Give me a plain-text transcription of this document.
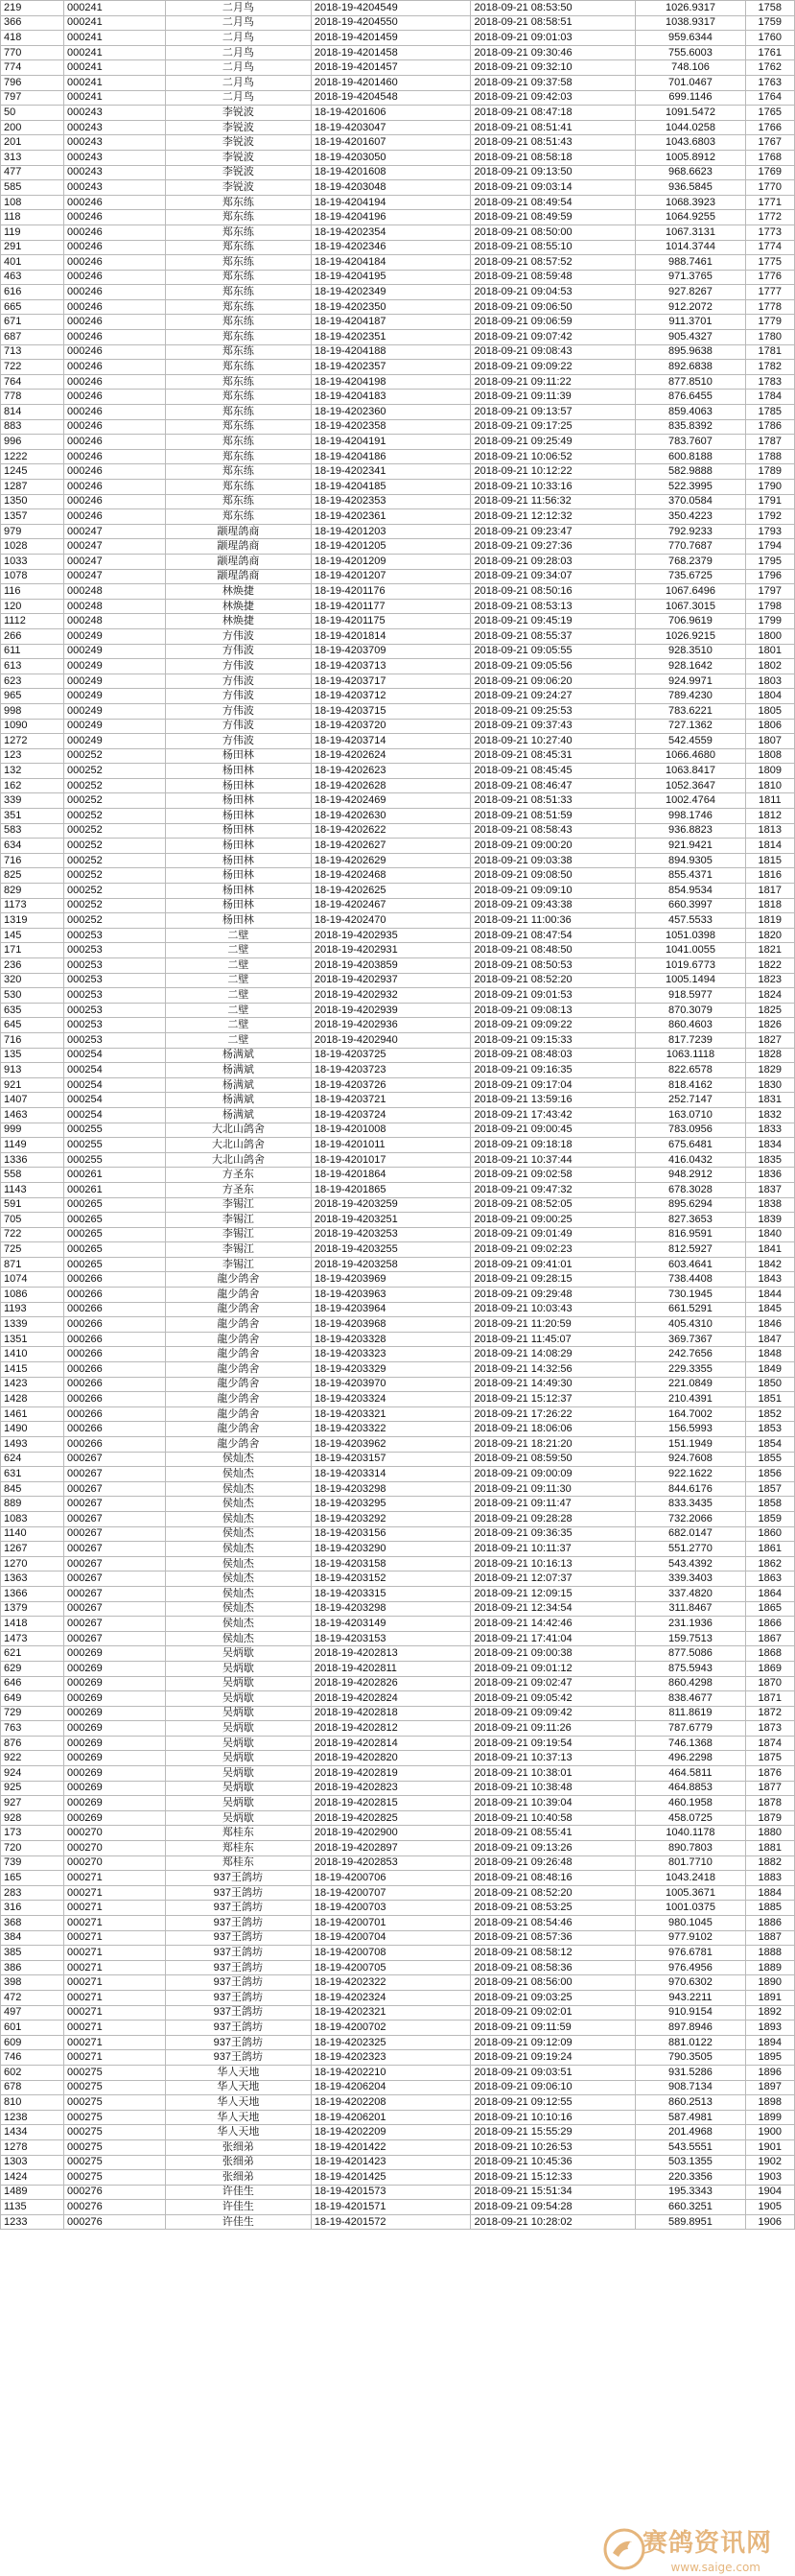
219	000241	二月鸟	2018-19-4204549	2018-09-21 08:53:50	1026.9317	1758
366	000241	二月鸟	2018-19-4204550	2018-09-21 08:58:51	1038.9317	1759
418	000241	二月鸟	2018-19-4201459	2018-09-21 09:01:03	959.6344	1760
770	000241	二月鸟	2018-19-4201458	2018-09-21 09:30:46	755.6003	1761
774	000241	二月鸟	2018-19-4201457	2018-09-21 09:32:10	748.106	1762
796	000241	二月鸟	2018-19-4201460	2018-09-21 09:37:58	701.0467	1763
797	000241	二月鸟	2018-19-4204548	2018-09-21 09:42:03	699.1146	1764
50	000243	李锐波	18-19-4201606	2018-09-21 08:47:18	1091.5472	1765
200	000243	李锐波	18-19-4203047	2018-09-21 08:51:41	1044.0258	1766
201	000243	李锐波	18-19-4201607	2018-09-21 08:51:43	1043.6803	1767
313	000243	李锐波	18-19-4203050	2018-09-21 08:58:18	1005.8912	1768
477	000243	李锐波	18-19-4201608	2018-09-21 09:13:50	968.6623	1769
585	000243	李锐波	18-19-4203048	2018-09-21 09:03:14	936.5845	1770
108	000246	郑东练	18-19-4204194	2018-09-21 08:49:54	1068.3923	1771
118	000246	郑东练	18-19-4204196	2018-09-21 08:49:59	1064.9255	1772
119	000246	郑东练	18-19-4202354	2018-09-21 08:50:00	1067.3131	1773
291	000246	郑东练	18-19-4202346	2018-09-21 08:55:10	1014.3744	1774
401	000246	郑东练	18-19-4204184	2018-09-21 08:57:52	988.7461	1775
463	000246	郑东练	18-19-4204195	2018-09-21 08:59:48	971.3765	1776
616	000246	郑东练	18-19-4202349	2018-09-21 09:04:53	927.8267	1777
665	000246	郑东练	18-19-4202350	2018-09-21 09:06:50	912.2072	1778
671	000246	郑东练	18-19-4204187	2018-09-21 09:06:59	911.3701	1779
687	000246	郑东练	18-19-4202351	2018-09-21 09:07:42	905.4327	1780
713	000246	郑东练	18-19-4204188	2018-09-21 09:08:43	895.9638	1781
722	000246	郑东练	18-19-4202357	2018-09-21 09:09:22	892.6838	1782
764	000246	郑东练	18-19-4204198	2018-09-21 09:11:22	877.8510	1783
778	000246	郑东练	18-19-4204183	2018-09-21 09:11:39	876.6455	1784
814	000246	郑东练	18-19-4202360	2018-09-21 09:13:57	859.4063	1785
883	000246	郑东练	18-19-4202358	2018-09-21 09:17:25	835.8392	1786
996	000246	郑东练	18-19-4204191	2018-09-21 09:25:49	783.7607	1787
1222	000246	郑东练	18-19-4204186	2018-09-21 10:06:52	600.8188	1788
1245	000246	郑东练	18-19-4202341	2018-09-21 10:12:22	582.9888	1789
1287	000246	郑东练	18-19-4204185	2018-09-21 10:33:16	522.3995	1790
1350	000246	郑东练	18-19-4202353	2018-09-21 11:56:32	370.0584	1791
1357	000246	郑东练	18-19-4202361	2018-09-21 12:12:32	350.4223	1792
979	000247	颛瑆鸽商	18-19-4201203	2018-09-21 09:23:47	792.9233	1793
1028	000247	颛瑆鸽商	18-19-4201205	2018-09-21 09:27:36	770.7687	1794
1033	000247	颛瑆鸽商	18-19-4201209	2018-09-21 09:28:03	768.2379	1795
1078	000247	颛瑆鸽商	18-19-4201207	2018-09-21 09:34:07	735.6725	1796
116	000248	林焕捷	18-19-4201176	2018-09-21 08:50:16	1067.6496	1797
120	000248	林焕捷	18-19-4201177	2018-09-21 08:53:13	1067.3015	1798
1112	000248	林焕捷	18-19-4201175	2018-09-21 09:45:19	706.9619	1799
266	000249	方伟波	18-19-4201814	2018-09-21 08:55:37	1026.9215	1800
611	000249	方伟波	18-19-4203709	2018-09-21 09:05:55	928.3510	1801
613	000249	方伟波	18-19-4203713	2018-09-21 09:05:56	928.1642	1802
623	000249	方伟波	18-19-4203717	2018-09-21 09:06:20	924.9971	1803
965	000249	方伟波	18-19-4203712	2018-09-21 09:24:27	789.4230	1804
998	000249	方伟波	18-19-4203715	2018-09-21 09:25:53	783.6221	1805
1090	000249	方伟波	18-19-4203720	2018-09-21 09:37:43	727.1362	1806
1272	000249	方伟波	18-19-4203714	2018-09-21 10:27:40	542.4559	1807
123	000252	杨田林	18-19-4202624	2018-09-21 08:45:31	1066.4680	1808
132	000252	杨田林	18-19-4202623	2018-09-21 08:45:45	1063.8417	1809
162	000252	杨田林	18-19-4202628	2018-09-21 08:46:47	1052.3647	1810
339	000252	杨田林	18-19-4202469	2018-09-21 08:51:33	1002.4764	1811
351	000252	杨田林	18-19-4202630	2018-09-21 08:51:59	998.1746	1812
583	000252	杨田林	18-19-4202622	2018-09-21 08:58:43	936.8823	1813
634	000252	杨田林	18-19-4202627	2018-09-21 09:00:20	921.9421	1814
716	000252	杨田林	18-19-4202629	2018-09-21 09:03:38	894.9305	1815
825	000252	杨田林	18-19-4202468	2018-09-21 09:08:50	855.4371	1816
829	000252	杨田林	18-19-4202625	2018-09-21 09:09:10	854.9534	1817
1173	000252	杨田林	18-19-4202467	2018-09-21 09:43:38	660.3997	1818
1319	000252	杨田林	18-19-4202470	2018-09-21 11:00:36	457.5533	1819
145	000253	二壁	2018-19-4202935	2018-09-21 08:47:54	1051.0398	1820
171	000253	二壁	2018-19-4202931	2018-09-21 08:48:50	1041.0055	1821
236	000253	二壁	2018-19-4203859	2018-09-21 08:50:53	1019.6773	1822
320	000253	二壁	2018-19-4202937	2018-09-21 08:52:20	1005.1494	1823
530	000253	二壁	2018-19-4202932	2018-09-21 09:01:53	918.5977	1824
635	000253	二壁	2018-19-4202939	2018-09-21 09:08:13	870.3079	1825
645	000253	二壁	2018-19-4202936	2018-09-21 09:09:22	860.4603	1826
716	000253	二壁	2018-19-4202940	2018-09-21 09:15:33	817.7239	1827
135	000254	杨满斌	18-19-4203725	2018-09-21 08:48:03	1063.1118	1828
913	000254	杨满斌	18-19-4203723	2018-09-21 09:16:35	822.6578	1829
921	000254	杨满斌	18-19-4203726	2018-09-21 09:17:04	818.4162	1830
1407	000254	杨满斌	18-19-4203721	2018-09-21 13:59:16	252.7147	1831
1463	000254	杨满斌	18-19-4203724	2018-09-21 17:43:42	163.0710	1832
999	000255	大北山鸽舍	18-19-4201008	2018-09-21 09:00:45	783.0956	1833
1149	000255	大北山鸽舍	18-19-4201011	2018-09-21 09:18:18	675.6481	1834
1336	000255	大北山鸽舍	18-19-4201017	2018-09-21 10:37:44	416.0432	1835
558	000261	方圣东	18-19-4201864	2018-09-21 09:02:58	948.2912	1836
1143	000261	方圣东	18-19-4201865	2018-09-21 09:47:32	678.3028	1837
591	000265	李锡江	2018-19-4203259	2018-09-21 08:52:05	895.6294	1838
705	000265	李锡江	2018-19-4203251	2018-09-21 09:00:25	827.3653	1839
722	000265	李锡江	2018-19-4203253	2018-09-21 09:01:49	816.9591	1840
725	000265	李锡江	2018-19-4203255	2018-09-21 09:02:23	812.5927	1841
871	000265	李锡江	2018-19-4203258	2018-09-21 09:41:01	603.4641	1842
1074	000266	龍少鸽舍	18-19-4203969	2018-09-21 09:28:15	738.4408	1843
1086	000266	龍少鸽舍	18-19-4203963	2018-09-21 09:29:48	730.1945	1844
1193	000266	龍少鸽舍	18-19-4203964	2018-09-21 10:03:43	661.5291	1845
1339	000266	龍少鸽舍	18-19-4203968	2018-09-21 11:20:59	405.4310	1846
1351	000266	龍少鸽舍	18-19-4203328	2018-09-21 11:45:07	369.7367	1847
1410	000266	龍少鸽舍	18-19-4203323	2018-09-21 14:08:29	242.7656	1848
1415	000266	龍少鸽舍	18-19-4203329	2018-09-21 14:32:56	229.3355	1849
1423	000266	龍少鸽舍	18-19-4203970	2018-09-21 14:49:30	221.0849	1850
1428	000266	龍少鸽舍	18-19-4203324	2018-09-21 15:12:37	210.4391	1851
1461	000266	龍少鸽舍	18-19-4203321	2018-09-21 17:26:22	164.7002	1852
1490	000266	龍少鸽舍	18-19-4203322	2018-09-21 18:06:06	156.5993	1853
1493	000266	龍少鸽舍	18-19-4203962	2018-09-21 18:21:20	151.1949	1854
624	000267	侯灿杰	18-19-4203157	2018-09-21 08:59:50	924.7608	1855
631	000267	侯灿杰	18-19-4203314	2018-09-21 09:00:09	922.1622	1856
845	000267	侯灿杰	18-19-4203298	2018-09-21 09:11:30	844.6176	1857
889	000267	侯灿杰	18-19-4203295	2018-09-21 09:11:47	833.3435	1858
1083	000267	侯灿杰	18-19-4203292	2018-09-21 09:28:28	732.2066	1859
1140	000267	侯灿杰	18-19-4203156	2018-09-21 09:36:35	682.0147	1860
1267	000267	侯灿杰	18-19-4203290	2018-09-21 10:11:37	551.2770	1861
1270	000267	侯灿杰	18-19-4203158	2018-09-21 10:16:13	543.4392	1862
1363	000267	侯灿杰	18-19-4203152	2018-09-21 12:07:37	339.3403	1863
1366	000267	侯灿杰	18-19-4203315	2018-09-21 12:09:15	337.4820	1864
1379	000267	侯灿杰	18-19-4203298	2018-09-21 12:34:54	311.8467	1865
1418	000267	侯灿杰	18-19-4203149	2018-09-21 14:42:46	231.1936	1866
1473	000267	侯灿杰	18-19-4203153	2018-09-21 17:41:04	159.7513	1867
621	000269	吴炳歇	2018-19-4202813	2018-09-21 09:00:38	877.5086	1868
629	000269	吴炳歇	2018-19-4202811	2018-09-21 09:01:12	875.5943	1869
646	000269	吴炳歇	2018-19-4202826	2018-09-21 09:02:47	860.4298	1870
649	000269	吴炳歇	2018-19-4202824	2018-09-21 09:05:42	838.4677	1871
729	000269	吴炳歇	2018-19-4202818	2018-09-21 09:09:42	811.8619	1872
763	000269	吴炳歇	2018-19-4202812	2018-09-21 09:11:26	787.6779	1873
876	000269	吴炳歇	2018-19-4202814	2018-09-21 09:19:54	746.1368	1874
922	000269	吴炳歇	2018-19-4202820	2018-09-21 10:37:13	496.2298	1875
924	000269	吴炳歇	2018-19-4202819	2018-09-21 10:38:01	464.5811	1876
925	000269	吴炳歇	2018-19-4202823	2018-09-21 10:38:48	464.8853	1877
927	000269	吴炳歇	2018-19-4202815	2018-09-21 10:39:04	460.1958	1878
928	000269	吴炳歇	2018-19-4202825	2018-09-21 10:40:58	458.0725	1879
173	000270	郑桂东	2018-19-4202900	2018-09-21 08:55:41	1040.1178	1880
720	000270	郑桂东	2018-19-4202897	2018-09-21 09:13:26	890.7803	1881
739	000270	郑桂东	2018-19-4202853	2018-09-21 09:26:48	801.7710	1882
165	000271	937王鸽坊	18-19-4200706	2018-09-21 08:48:16	1043.2418	1883
283	000271	937王鸽坊	18-19-4200707	2018-09-21 08:52:20	1005.3671	1884
316	000271	937王鸽坊	18-19-4200703	2018-09-21 08:53:25	1001.0375	1885
368	000271	937王鸽坊	18-19-4200701	2018-09-21 08:54:46	980.1045	1886
384	000271	937王鸽坊	18-19-4200704	2018-09-21 08:57:36	977.9102	1887
385	000271	937王鸽坊	18-19-4200708	2018-09-21 08:58:12	976.6781	1888
386	000271	937王鸽坊	18-19-4200705	2018-09-21 08:58:36	976.4956	1889
398	000271	937王鸽坊	18-19-4202322	2018-09-21 08:56:00	970.6302	1890
472	000271	937王鸽坊	18-19-4202324	2018-09-21 09:03:25	943.2211	1891
497	000271	937王鸽坊	18-19-4202321	2018-09-21 09:02:01	910.9154	1892
601	000271	937王鸽坊	18-19-4200702	2018-09-21 09:11:59	897.8946	1893
609	000271	937王鸽坊	18-19-4202325	2018-09-21 09:12:09	881.0122	1894
746	000271	937王鸽坊	18-19-4202323	2018-09-21 09:19:24	790.3505	1895
602	000275	华人天地	18-19-4202210	2018-09-21 09:03:51	931.5286	1896
678	000275	华人天地	18-19-4206204	2018-09-21 09:06:10	908.7134	1897
810	000275	华人天地	18-19-4202208	2018-09-21 09:12:55	860.2513	1898
1238	000275	华人天地	18-19-4206201	2018-09-21 10:10:16	587.4981	1899
1434	000275	华人天地	18-19-4202209	2018-09-21 15:55:29	201.4968	1900
1278	000275	张细弟	18-19-4201422	2018-09-21 10:26:53	543.5551	1901
1303	000275	张细弟	18-19-4201423	2018-09-21 10:45:36	503.1355	1902
1424	000275	张细弟	18-19-4201425	2018-09-21 15:12:33	220.3356	1903
1489	000276	许佳生	18-19-4201573	2018-09-21 15:51:34	195.3343	1904
1135	000276	许佳生	18-19-4201571	2018-09-21 09:54:28	660.3251	1905
1233	000276	许佳生	18-19-4201572	2018-09-21 10:28:02	589.8951	1906
赛鸽资讯网
www.saige.com
